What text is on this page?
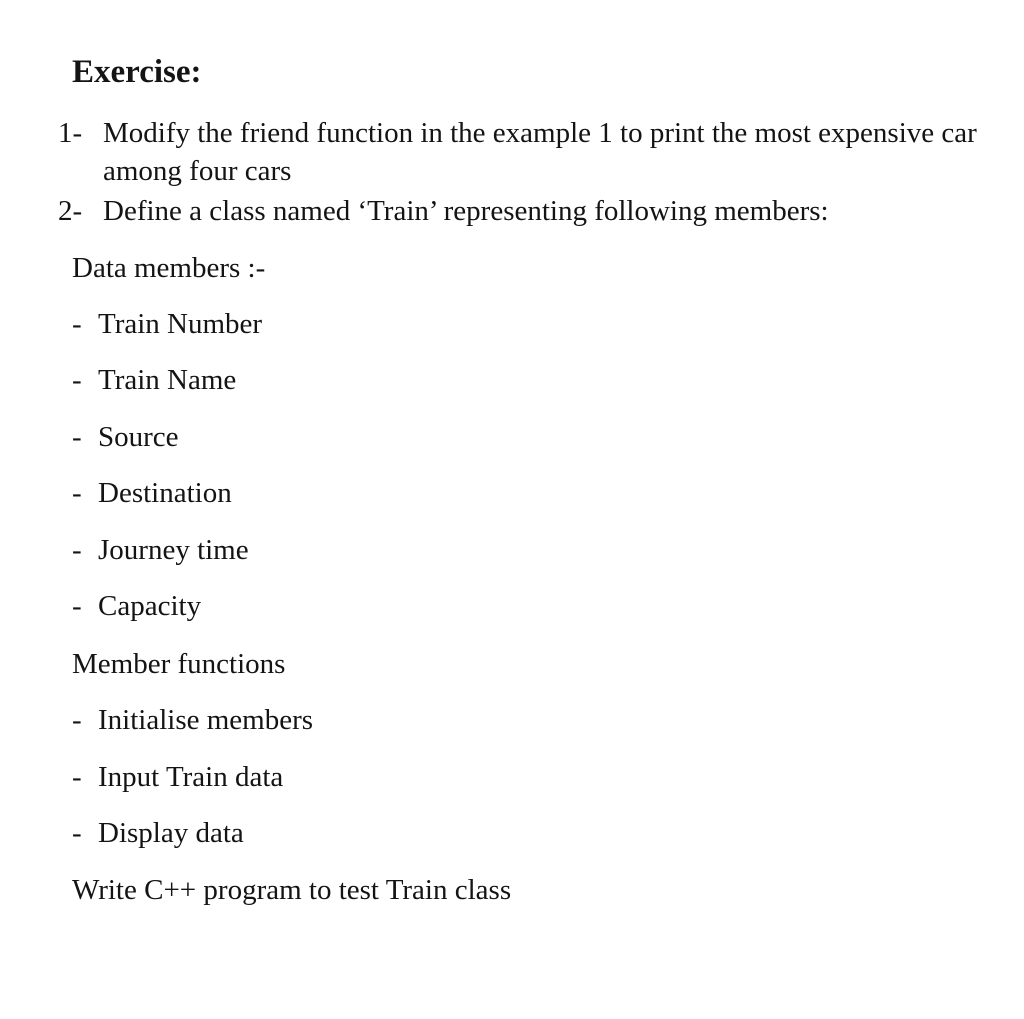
Exercise:
1- Modify the friend function in the example 1 to print the most expensive car among four cars
2- Define a class named ‘Train’ representing following members:
Data members :-
- Train Number
- Train Name
- Source
- Destination
- Journey time
- Capacity
Member functions
- Initialise members
- Input Train data
- Display data
Write C++ program to test Train class
